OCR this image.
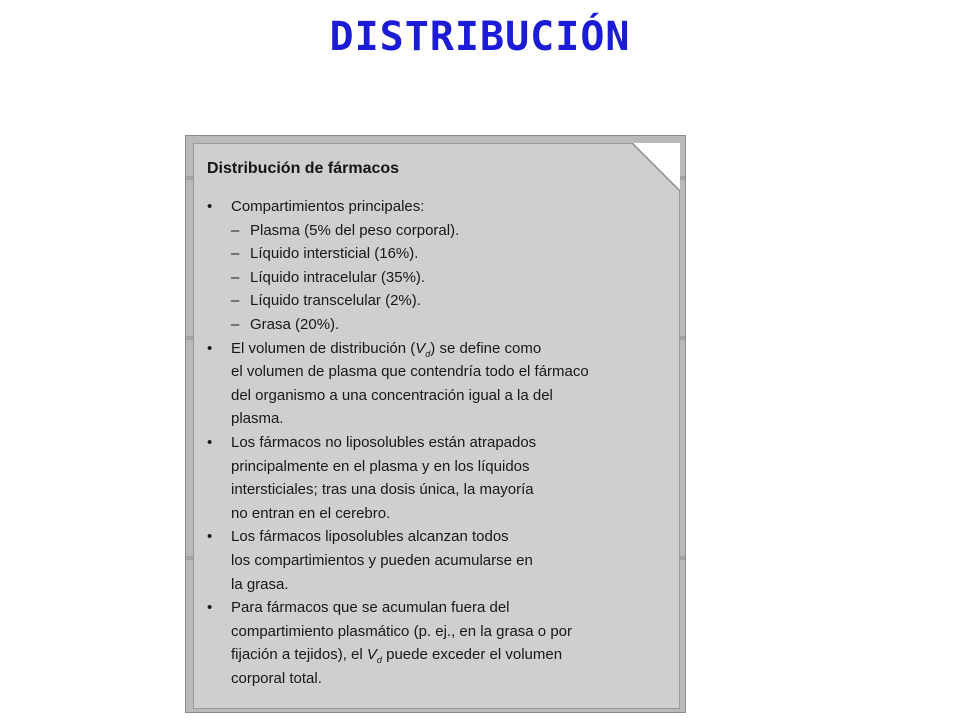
DISTRIBUCIÓN
Distribución de fármacos
• Compartimientos principales:
– Plasma (5% del peso corporal).
– Líquido intersticial (16%).
– Líquido intracelular (35%).
– Líquido transcelular (2%).
– Grasa (20%).
• El volumen de distribución $(V_d)$ se define como
el volumen de plasma que contendría todo el fármaco
del organismo a una concentración igual a la del
plasma.
• Los fármacos no liposolubles están atrapados
principalmente en el plasma y en los líquidos
intersticiales; tras una dosis única, la mayoría
no entran en el cerebro.
• Los fármacos liposolubles alcanzan todos
los compartimientos y pueden acumularse en
la grasa.
• Para fármacos que se acumulan fuera del
compartimiento plasmático (p. ej., en la grasa o por
fijación a tejidos), el $V_d$ puede exceder el volumen
corporal total.
